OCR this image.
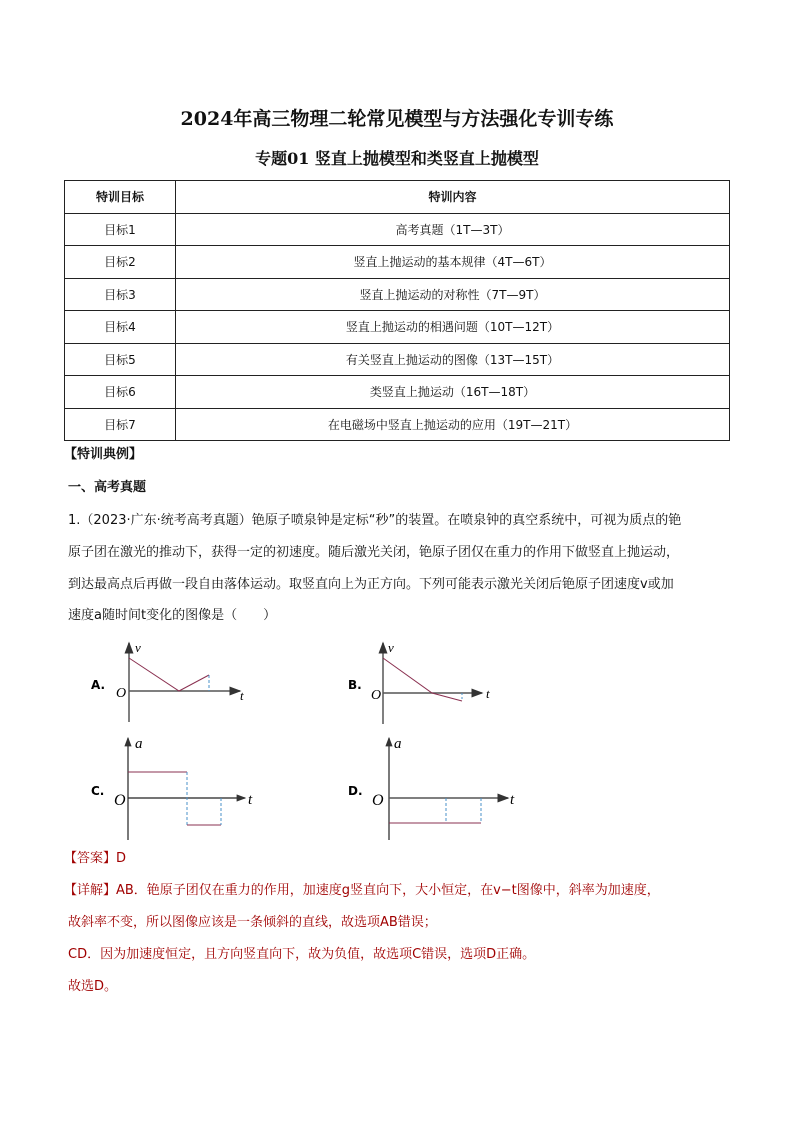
2024年高三物理二轮常见模型与方法强化专训专练
专题01 竖直上抛模型和类竖直上抛模型
特训目标	特训内容
目标1	高考真题（1T—3T）
目标2	竖直上抛运动的基本规律（4T—6T）
目标3	竖直上抛运动的对称性（7T—9T）
目标4	竖直上抛运动的相遇问题（10T—12T）
目标5	有关竖直上抛运动的图像（13T—15T）
目标6	类竖直上抛运动（16T—18T）
目标7	在电磁场中竖直上抛运动的应用（19T—21T）
【特训典例】
一、高考真题
1.（2023·广东·统考高考真题）铯原子喷泉钟是定标“秒”的装置。在喷泉钟的真空系统中，可视为质点的铯
原子团在激光的推动下，获得一定的初速度。随后激光关闭，铯原子团仅在重力的作用下做竖直上抛运动，
到达最高点后再做一段自由落体运动。取竖直向上为正方向。下列可能表示激光关闭后铯原子团速度v或加
速度a随时间t变化的图像是（　　）
A.
O
v
t
B.
O
v
t
C.
O
a
t
D.
O
a
t
【答案】D
【详解】AB．铯原子团仅在重力的作用，加速度g竖直向下，大小恒定，在v−t图像中，斜率为加速度，
故斜率不变，所以图像应该是一条倾斜的直线，故选项AB错误；
CD．因为加速度恒定，且方向竖直向下，故为负值，故选项C错误，选项D正确。
故选D。
